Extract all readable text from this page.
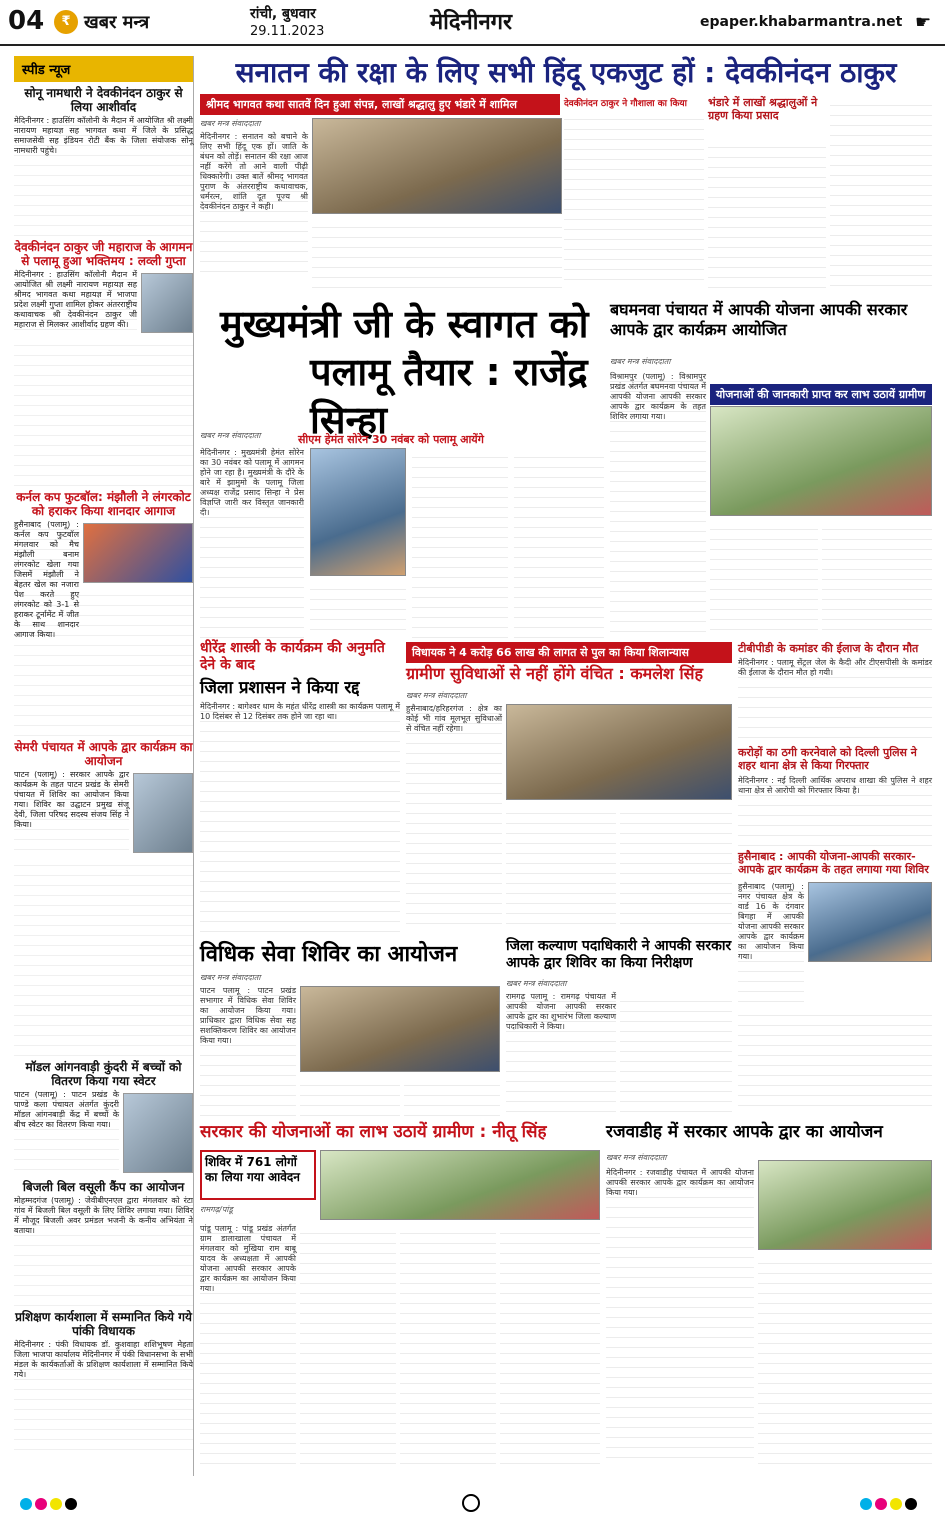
04	₹ खबर मन्त्र	रांची, बुधवार
29.11.2023	मेदिनीनगर	epaper.khabarmantra.net ☛
स्पीड न्यूज
सोनू नामधारी ने देवकीनंदन ठाकुर से लिया आशीर्वाद
मेदिनीनगर : हाउसिंग कॉलोनी के मैदान में आयोजित श्री लक्ष्मी नारायण महायज्ञ सह भागवत कथा में जिले के प्रसिद्ध समाजसेवी सह इंडियन रोटी बैंक के जिला संयोजक सोनू नामधारी पहुंचे।
देवकीनंदन ठाकुर जी महाराज के आगमन से पलामू हुआ भक्तिमय : लव्ली गुप्ता
मेदिनीनगर : हाउसिंग कॉलोनी मैदान में आयोजित श्री लक्ष्मी नारायण महायज्ञ सह श्रीमद भागवत कथा महायज्ञ में भाजपा प्रदेश लक्ष्मी गुप्ता शामिल होकर अंतरराष्ट्रीय कथावाचक श्री देवकीनंदन ठाकुर जी महाराज से मिलकर आशीर्वाद ग्रहण की।
कर्नल कप फुटबॉल: मंझौली ने लंगरकोट को हराकर किया शानदार आगाज
हुसैनाबाद (पलामू) : कर्नल कप फुटबॉल मंगलवार को मैच मंझौली बनाम लंगरकोट खेला गया जिसमें मंझौली ने बेहतर खेल का नजारा पेश करते हुए लंगरकोट को 3-1 से हराकर टूर्नामेंट में जीत के साथ शानदार आगाज किया।
सेमरी पंचायत में आपके द्वार कार्यक्रम का आयोजन
पाटन (पलामू) : सरकार आपके द्वार कार्यक्रम के तहत पाटन प्रखंड के सेमरी पंचायत में शिविर का आयोजन किया गया। शिविर का उद्घाटन प्रमुख संजू देवी, जिला परिषद सदस्य संजय सिंह ने किया।
मॉडल आंगनवाड़ी कुंदरी में बच्चों को वितरण किया गया स्वेटर
पाटन (पलामू) : पाटन प्रखंड के पाण्डे कला पंचायत अंतर्गत कुंदरी मॉडल आंगनबाड़ी केंद्र में बच्चों के बीच स्वेटर का वितरण किया गया।
बिजली बिल वसूली कैंप का आयोजन
मोहम्मदगंज (पलामू) : जेवीबीएनएल द्वारा मंगलवार को रंटा गांव में बिजली बिल वसूली के लिए शिविर लगाया गया। शिविर में मौजूद बिजली अवर प्रमंडल भजनी के कनीय अभियंता ने बताया।
प्रशिक्षण कार्यशाला में सम्मानित किये गये पांकी विधायक
मेदिनीनगर : पंकी विधायक डॉ. कुशवाहा शशिभूषण मेहता जिला भाजपा कार्यालय मेदिनीनगर में पंकी विधानसभा के सभी मंडल के कार्यकर्ताओं के प्रशिक्षण कार्यशाला में सम्मानित किये गये।
सनातन की रक्षा के लिए सभी हिंदू एकजुट हों : देवकीनंदन ठाकुर
श्रीमद भागवत कथा सातवें दिन हुआ संपन्न, लाखों श्रद्धालु हुए भंडारे में शामिल	देवकीनंदन ठाकुर ने गौशाला का किया	भंडारे में लाखों श्रद्धालुओं ने ग्रहण किया प्रसाद
खबर मन्त्र संवाददाता
मेदिनीनगर : सनातन को बचाने के लिए सभी हिंदू एक हों। जाति के बंधन को तोड़ें। सनातन की रक्षा आज नहीं करेंगे तो आने वाली पीढ़ी धिक्कारेगी। उक्त बातें श्रीमद् भागवत पुराण के अंतरराष्ट्रीय कथावाचक, धर्मरत्न, शांति दूत पूज्य श्री देवकीनंदन ठाकुर ने कही।
मुख्यमंत्री जी के स्वागत को
पलामू तैयार : राजेंद्र सिन्हा
खबर मन्त्र संवाददाता	सीएम हेमंत सोरेन 30 नवंबर को पलामू आयेंगे
मेदिनीनगर : मुख्यमंत्री हेमंत सोरेन का 30 नवंबर को पलामू में आगमन होने जा रहा है। मुख्यमंत्री के दौरे के बारे में झामुमो के पलामू जिला अध्यक्ष राजेंद्र प्रसाद सिन्हा ने प्रेस विज्ञप्ति जारी कर विस्तृत जानकारी दी।
बघमनवा पंचायत में आपकी योजना आपकी सरकार आपके द्वार कार्यक्रम आयोजित
योजनाओं की जानकारी प्राप्त कर लाभ उठायें ग्रामीण
खबर मन्त्र संवाददाता
विश्रामपुर (पलामू) : विश्रामपुर प्रखंड अंतर्गत बघमनवा पंचायत में आपकी योजना आपकी सरकार आपके द्वार कार्यक्रम के तहत शिविर लगाया गया।
धीरेंद्र शास्त्री के कार्यक्रम की अनुमति देने के बाद
जिला प्रशासन ने किया रद्द
मेदिनीनगर : बागेश्वर धाम के महंत धीरेंद्र शास्त्री का कार्यक्रम पलामू में 10 दिसंबर से 12 दिसंबर तक होने जा रहा था।
विधायक ने 4 करोड़ 66 लाख की लागत से पुल का किया शिलान्यास
ग्रामीण सुविधाओं से नहीं होंगे वंचित : कमलेश सिंह
खबर मन्त्र संवाददाता
हुसैनाबाद/हरिहरगंज : क्षेत्र का कोई भी गांव मूलभूत सुविधाओं से वंचित नहीं रहेगा।
टीबीपीडी के कमांडर की ईलाज के दौरान मौत
मेदिनीनगर : पलामू सेंट्रल जेल के कैदी और टीएसपीसी के कमांडर की ईलाज के दौरान मौत हो गयी।
करोड़ों का ठगी करनेवाले को दिल्ली पुलिस ने शहर थाना क्षेत्र से किया गिरफ्तार
मेदिनीनगर : नई दिल्ली आर्थिक अपराध शाखा की पुलिस ने शहर थाना क्षेत्र से आरोपी को गिरफ्तार किया है।
हुसैनाबाद : आपकी योजना-आपकी सरकार- आपके द्वार कार्यक्रम के तहत लगाया गया शिविर
हुसैनाबाद (पलामू) : नगर पंचायत क्षेत्र के वार्ड 16 के दंगवार बिगहा में आपकी योजना आपकी सरकार आपके द्वार कार्यक्रम का आयोजन किया गया।
विधिक सेवा शिविर का आयोजन
खबर मन्त्र संवाददाता
पाटन पलामू : पाटन प्रखंड सभागार में विधिक सेवा शिविर का आयोजन किया गया। प्राधिकार द्वारा विधिक सेवा सह सशक्तिकरण शिविर का आयोजन किया गया।
जिला कल्याण पदाधिकारी ने आपकी सरकार आपके द्वार शिविर का किया निरीक्षण
खबर मन्त्र संवाददाता
रामगढ़ पलामू : रामगढ़ पंचायत में आपकी योजना आपकी सरकार आपके द्वार का शुभारंभ जिला कल्याण पदाधिकारी ने किया।
सरकार की योजनाओं का लाभ उठायें ग्रामीण : नीतू सिंह
शिविर में 761 लोगों का लिया गया आवेदन
रामगढ़/पांडू
पांडू पलामू : पांडू प्रखंड अंतर्गत ग्राम डालाखाला पंचायत में मंगलवार को मुखिया राम बाबू यादव के अध्यक्षता में आपकी योजना आपकी सरकार आपके द्वार कार्यक्रम का आयोजन किया गया।
रजवाडीह में सरकार आपके द्वार का आयोजन
खबर मन्त्र संवाददाता
मेदिनीनगर : रजवाडीह पंचायत में आपकी योजना आपकी सरकार आपके द्वार कार्यक्रम का आयोजन किया गया।
